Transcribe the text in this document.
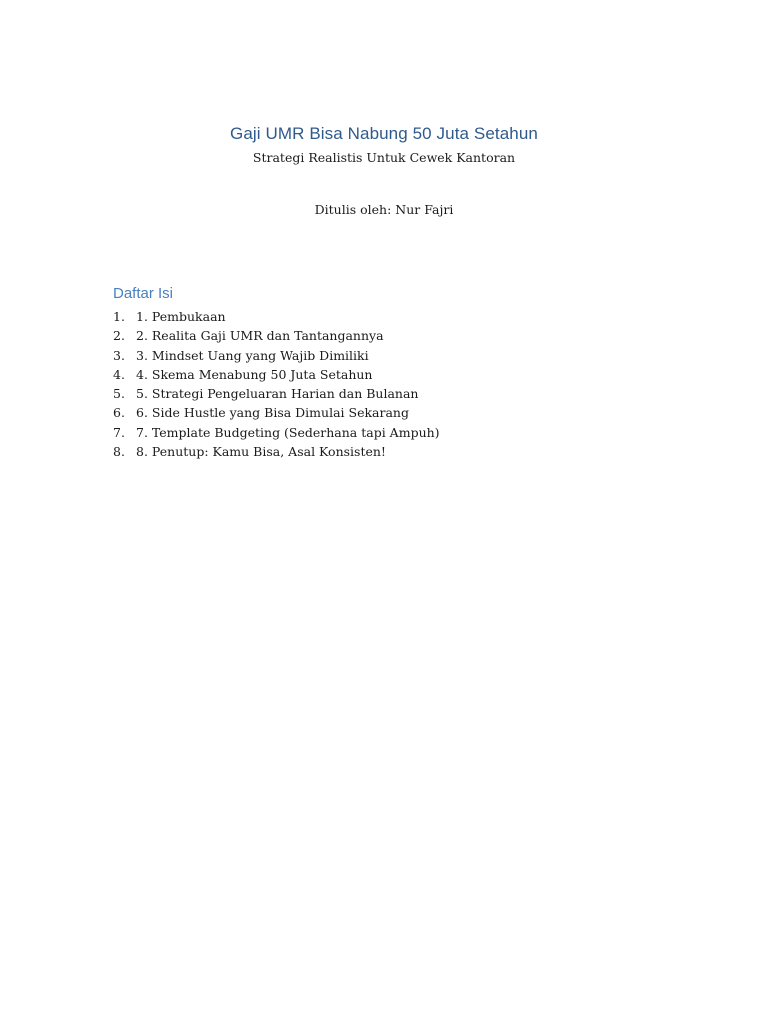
Gaji UMR Bisa Nabung 50 Juta Setahun
Strategi Realistis Untuk Cewek Kantoran
Ditulis oleh: Nur Fajri
Daftar Isi
1. 1. Pembukaan
2. 2. Realita Gaji UMR dan Tantangannya
3. 3. Mindset Uang yang Wajib Dimiliki
4. 4. Skema Menabung 50 Juta Setahun
5. 5. Strategi Pengeluaran Harian dan Bulanan
6. 6. Side Hustle yang Bisa Dimulai Sekarang
7. 7. Template Budgeting (Sederhana tapi Ampuh)
8. 8. Penutup: Kamu Bisa, Asal Konsisten!
